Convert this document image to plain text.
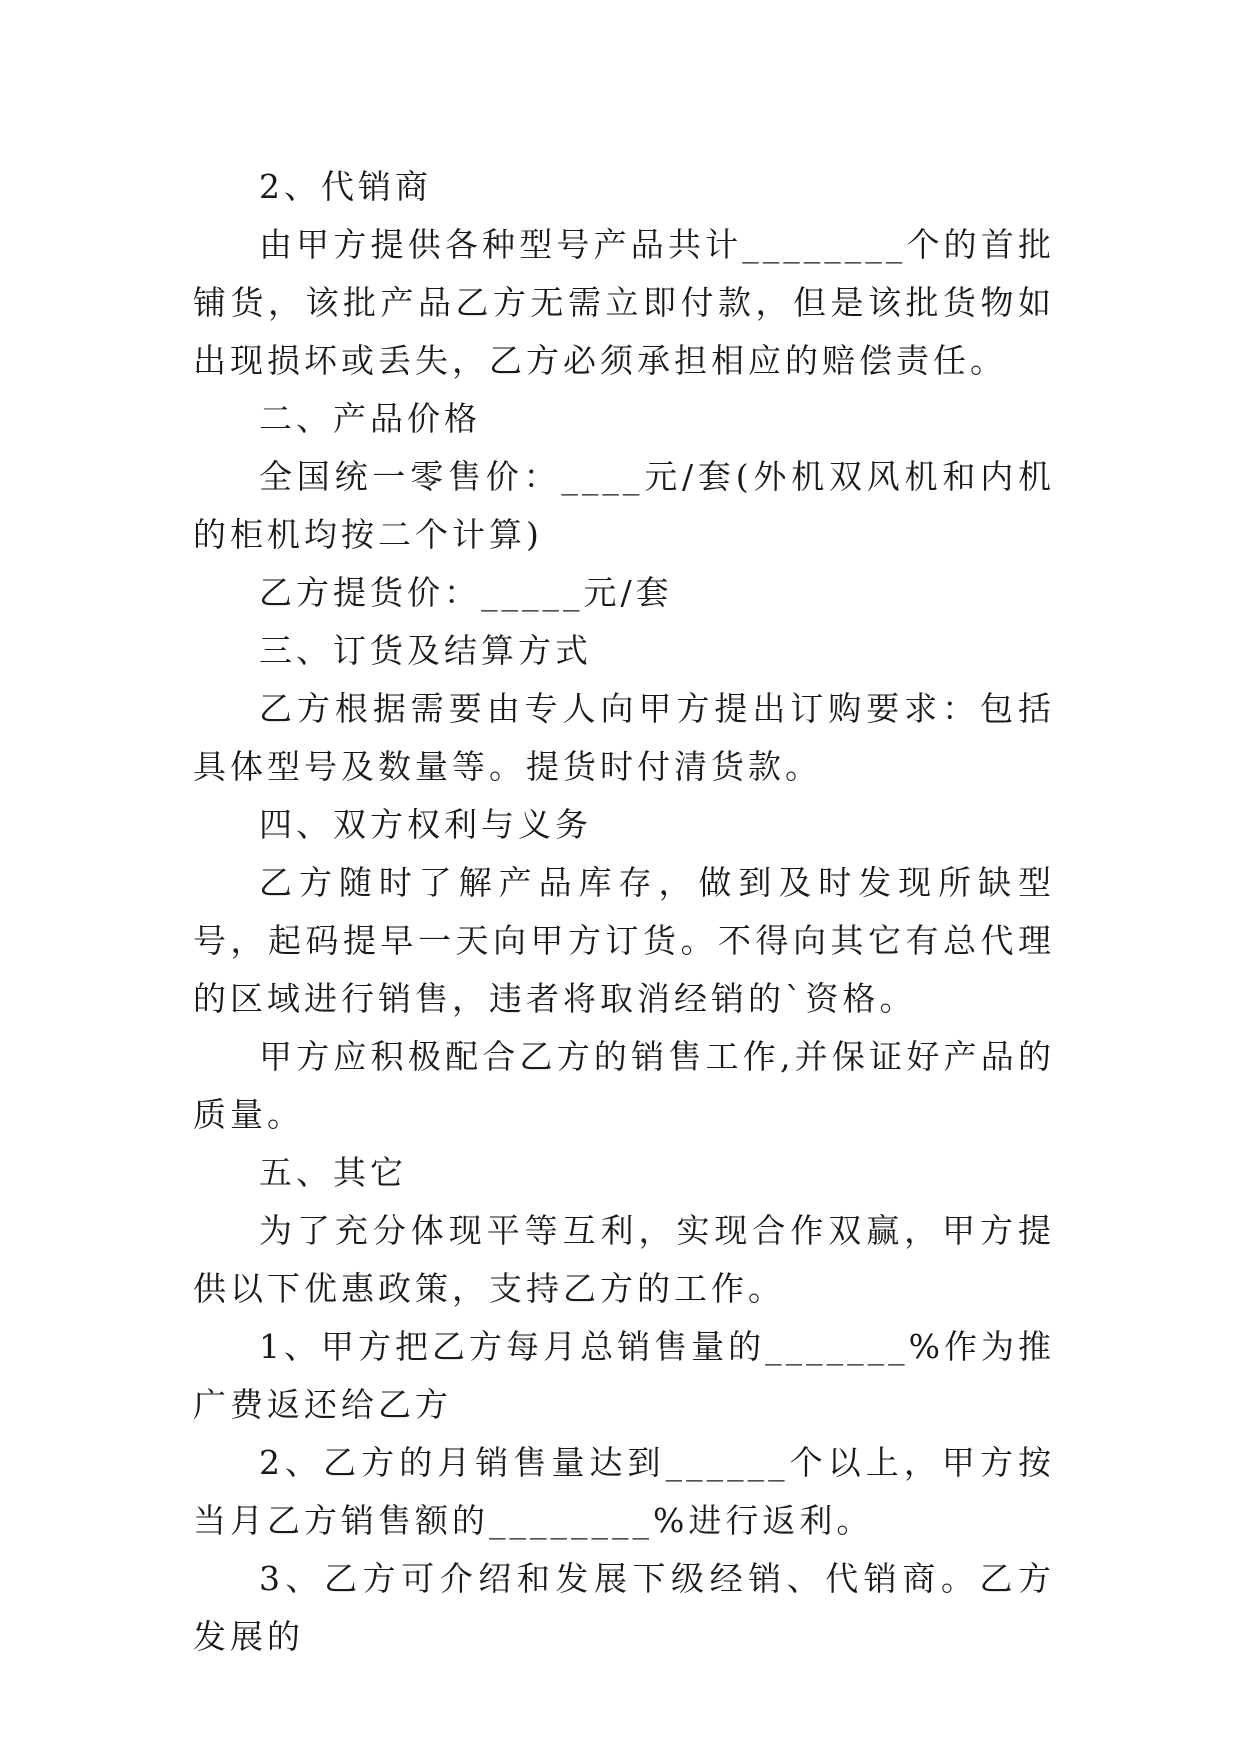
2、代销商

由甲方提供各种型号产品共计________个的首批铺货，该批产品乙方无需立即付款，但是该批货物如出现损坏或丢失，乙方必须承担相应的赔偿责任。

二、产品价格

全国统一零售价：____元/套(外机双风机和内机的柜机均按二个计算)

乙方提货价：_____元/套

三、订货及结算方式

乙方根据需要由专人向甲方提出订购要求：包括具体型号及数量等。提货时付清货款。

四、双方权利与义务

乙方随时了解产品库存，做到及时发现所缺型号，起码提早一天向甲方订货。不得向其它有总代理的区域进行销售，违者将取消经销的`资格。

甲方应积极配合乙方的销售工作,并保证好产品的质量。

五、其它

为了充分体现平等互利，实现合作双赢，甲方提供以下优惠政策，支持乙方的工作。

1、甲方把乙方每月总销售量的_______%作为推广费返还给乙方

2、乙方的月销售量达到______个以上，甲方按当月乙方销售额的________%进行返利。

3、乙方可介绍和发展下级经销、代销商。乙方发展的
